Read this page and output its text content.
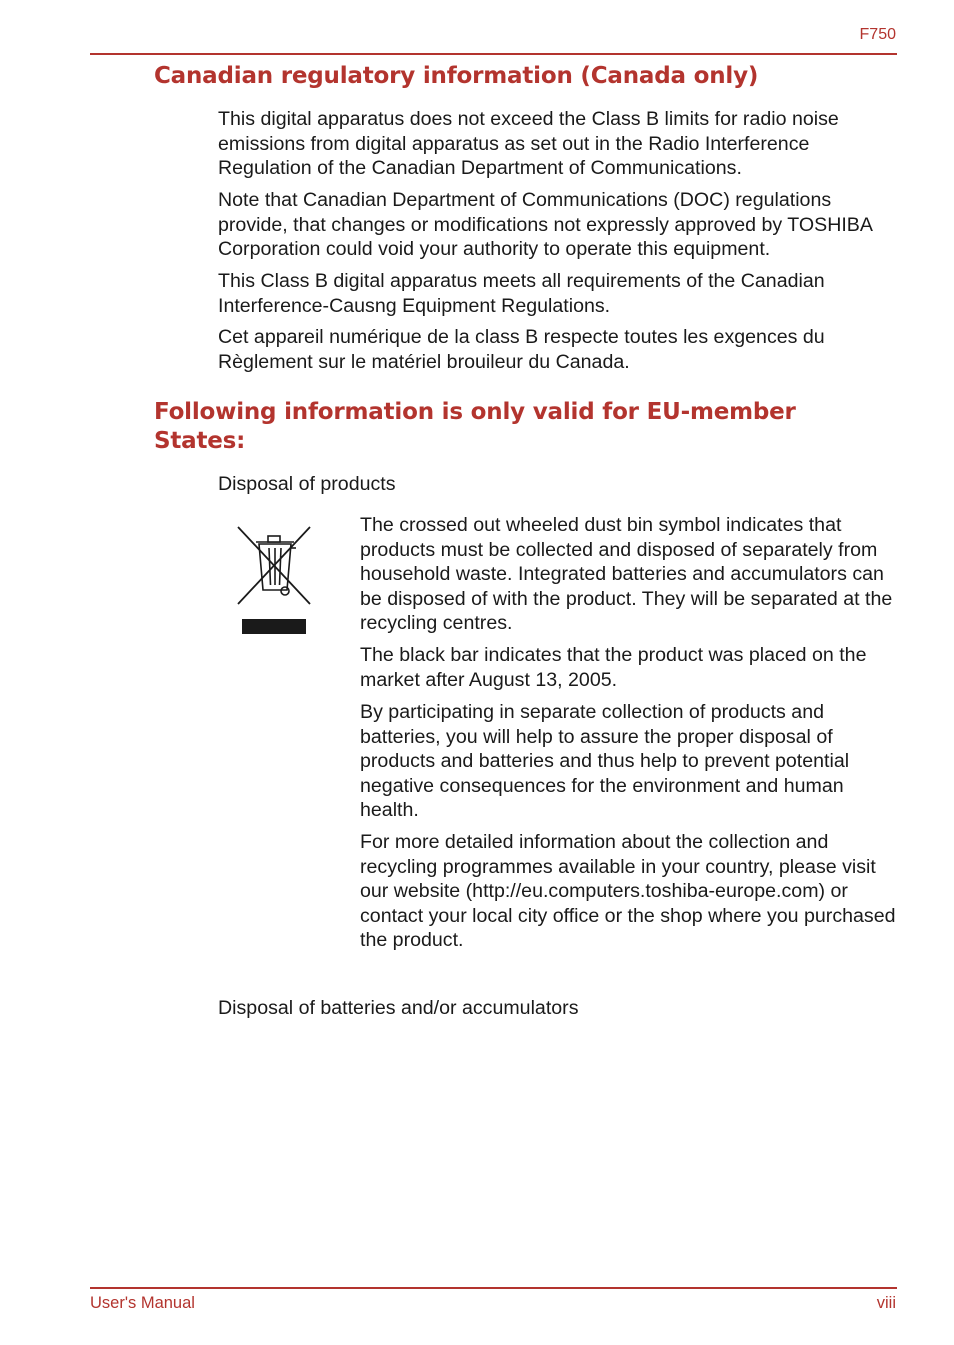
F750
Canadian regulatory information (Canada only)

This digital apparatus does not exceed the Class B limits for radio noise emissions from digital apparatus as set out in the Radio Interference Regulation of the Canadian Department of Communications.

Note that Canadian Department of Communications (DOC) regulations provide, that changes or modifications not expressly approved by TOSHIBA Corporation could void your authority to operate this equipment.

This Class B digital apparatus meets all requirements of the Canadian Interference-Causng Equipment Regulations.

Cet appareil numérique de la class B respecte toutes les exgences du Règlement sur le matériel brouileur du Canada.

Following information is only valid for EU-member States:

Disposal of products

The crossed out wheeled dust bin symbol indicates that products must be collected and disposed of separately from household waste. Integrated batteries and accumulators can be disposed of with the product. They will be separated at the recycling centres.

The black bar indicates that the product was placed on the market after August 13, 2005.

By participating in separate collection of products and batteries, you will help to assure the proper disposal of products and batteries and thus help to prevent potential negative consequences for the environment and human health.

For more detailed information about the collection and recycling programmes available in your country, please visit our website (http://eu.computers.toshiba-europe.com) or contact your local city office or the shop where you purchased the product.

Disposal of batteries and/or accumulators

User's Manual	viii
